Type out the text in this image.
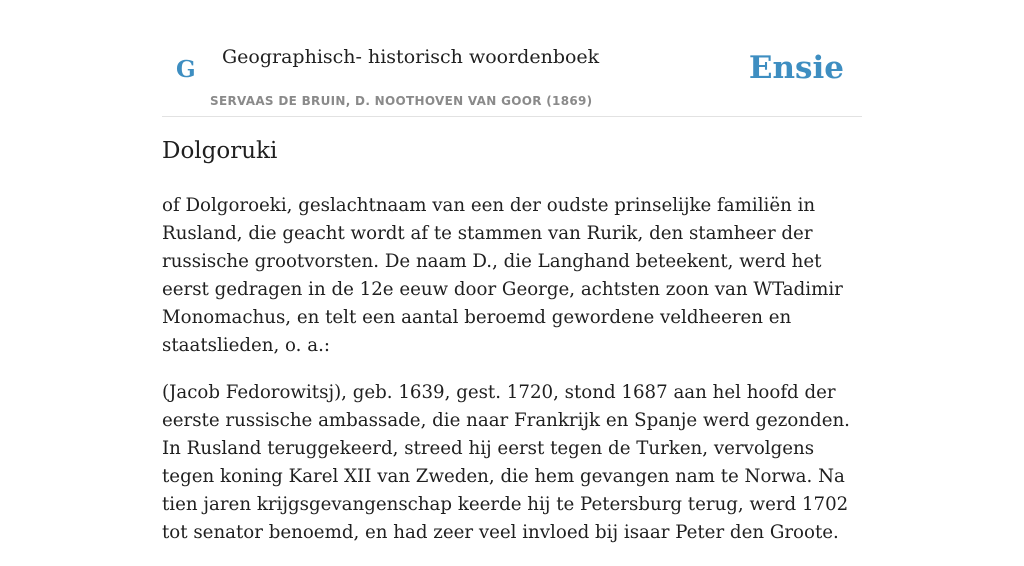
G Geographisch- historisch woordenboek
SERVAAS DE BRUIN, D. NOOTHOVEN VAN GOOR (1869)
Ensie
Dolgoruki

of Dolgoroeki, geslachtnaam van een der oudste prinselijke familiën in Rusland, die geacht wordt af te stammen van Rurik, den stamheer der russische grootvorsten. De naam D., die Langhand beteekent, werd het eerst gedragen in de 12e eeuw door George, achtsten zoon van WTadimir Monomachus, en telt een aantal beroemd gewordene veldheeren en staatslieden, o. a.:

(Jacob Fedorowitsj), geb. 1639, gest. 1720, stond 1687 aan hel hoofd der eerste russische ambassade, die naar Frankrijk en Spanje werd gezonden. In Rusland teruggekeerd, streed hij eerst tegen de Turken, vervolgens tegen koning Karel XII van Zweden, die hem gevangen nam te Norwa. Na tien jaren krijgsgevangenschap keerde hij te Petersburg terug, werd 1702 tot senator benoemd, en had zeer veel invloed bij isaar Peter den Groote.
